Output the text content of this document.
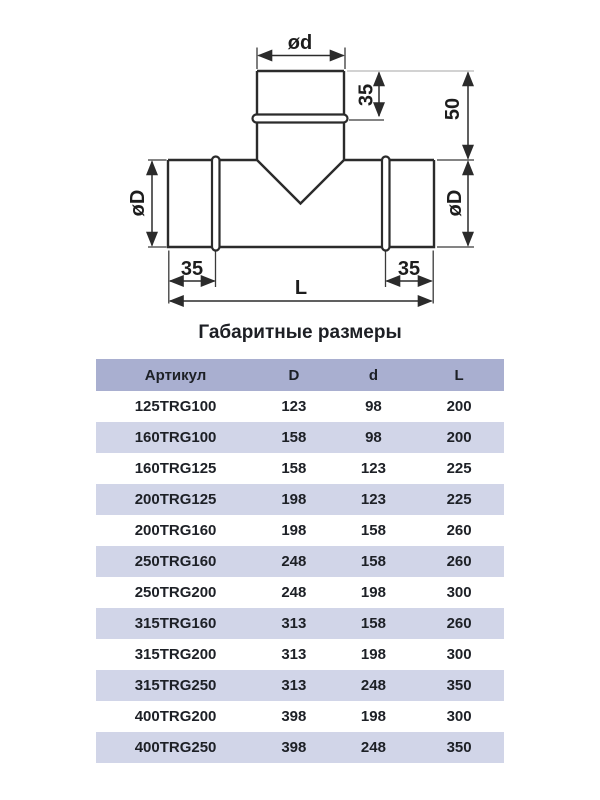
ød
35
50
øD	øD
35	35
L
Габаритные размеры
Артикул	D	d	L
125TRG100	123	98	200
160TRG100	158	98	200
160TRG125	158	123	225
200TRG125	198	123	225
200TRG160	198	158	260
250TRG160	248	158	260
250TRG200	248	198	300
315TRG160	313	158	260
315TRG200	313	198	300
315TRG250	313	248	350
400TRG200	398	198	300
400TRG250	398	248	350
